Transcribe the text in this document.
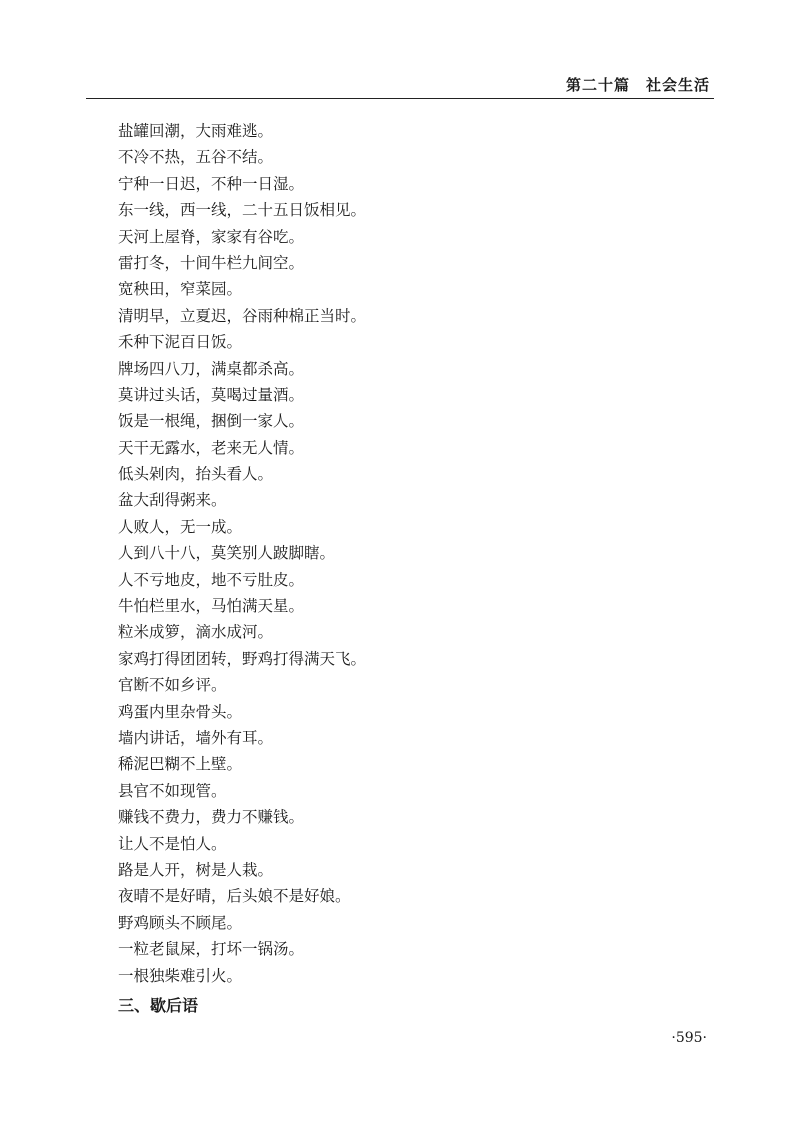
第二十篇　社会生活
盐罐回潮，大雨难逃。
不冷不热，五谷不结。
宁种一日迟，不种一日湿。
东一线，西一线，二十五日饭相见。
天河上屋脊，家家有谷吃。
雷打冬，十间牛栏九间空。
宽秧田，窄菜园。
清明早，立夏迟，谷雨种棉正当时。
禾种下泥百日饭。
牌场四八刀，满桌都杀高。
莫讲过头话，莫喝过量酒。
饭是一根绳，捆倒一家人。
天干无露水，老来无人情。
低头剁肉，抬头看人。
盆大刮得粥来。
人败人，无一成。
人到八十八，莫笑别人跛脚瞎。
人不亏地皮，地不亏肚皮。
牛怕栏里水，马怕满天星。
粒米成箩，滴水成河。
家鸡打得团团转，野鸡打得满天飞。
官断不如乡评。
鸡蛋内里杂骨头。
墙内讲话，墙外有耳。
稀泥巴糊不上壁。
县官不如现管。
赚钱不费力，费力不赚钱。
让人不是怕人。
路是人开，树是人栽。
夜晴不是好晴，后头娘不是好娘。
野鸡顾头不顾尾。
一粒老鼠屎，打坏一锅汤。
一根独柴难引火。
三、歇后语
·595·
